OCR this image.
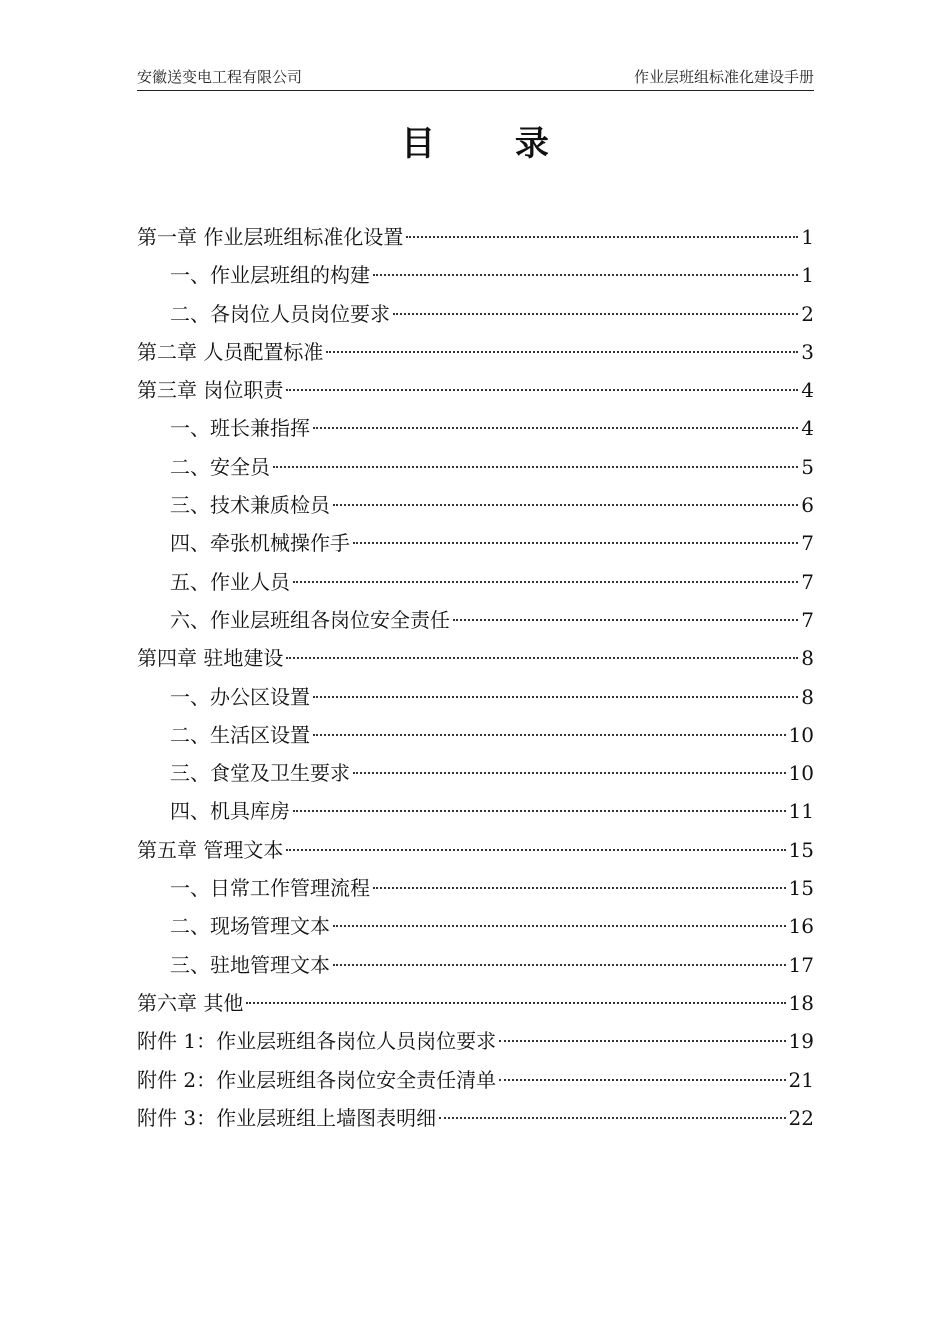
安徽送变电工程有限公司	作业层班组标准化建设手册
目 录
第一章 作业层班组标准化设置	1
一、作业层班组的构建	1
二、各岗位人员岗位要求	2
第二章 人员配置标准	3
第三章 岗位职责	4
一、班长兼指挥	4
二、安全员	5
三、技术兼质检员	6
四、牵张机械操作手	7
五、作业人员	7
六、作业层班组各岗位安全责任	7
第四章 驻地建设	8
一、办公区设置	8
二、生活区设置	10
三、食堂及卫生要求	10
四、机具库房	11
第五章 管理文本	15
一、日常工作管理流程	15
二、现场管理文本	16
三、驻地管理文本	17
第六章 其他	18
附件 1：作业层班组各岗位人员岗位要求	19
附件 2：作业层班组各岗位安全责任清单	21
附件 3：作业层班组上墙图表明细	22
